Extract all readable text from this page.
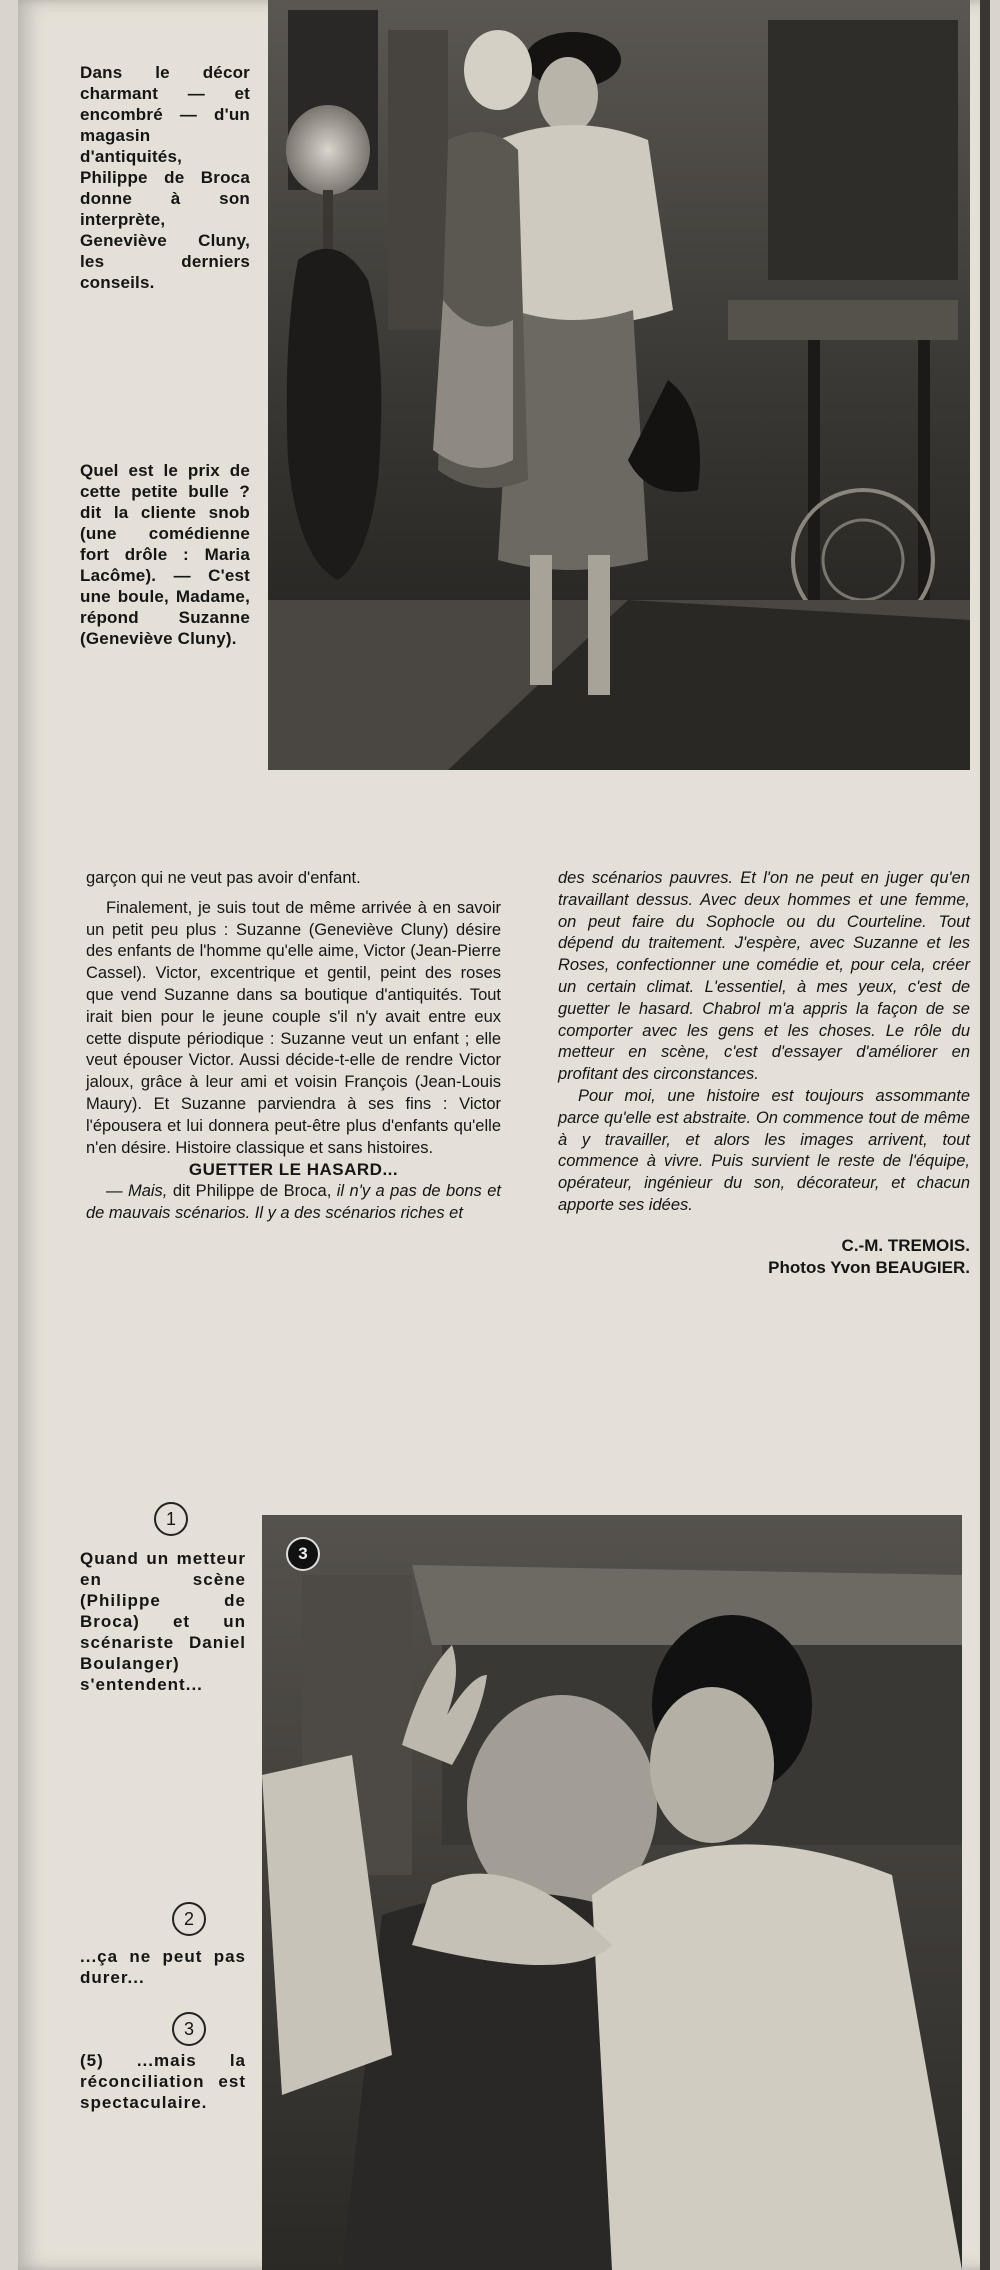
Dans le décor charmant — et encombré — d'un magasin d'antiquités, Philippe de Broca donne à son interprète, Geneviève Cluny, les derniers conseils.

Quel est le prix de cette petite bulle ? dit la cliente snob (une comédienne fort drôle : Maria Lacôme). — C'est une boule, Madame, répond Suzanne (Geneviève Cluny).

garçon qui ne veut pas avoir d'enfant.

Finalement, je suis tout de même arrivée à en savoir un petit peu plus : Suzanne (Geneviève Cluny) désire des enfants de l'homme qu'elle aime, Victor (Jean-Pierre Cassel). Victor, excentrique et gentil, peint des roses que vend Suzanne dans sa boutique d'antiquités. Tout irait bien pour le jeune couple s'il n'y avait entre eux cette dispute périodique : Suzanne veut un enfant ; elle veut épouser Victor. Aussi décide-t-elle de rendre Victor jaloux, grâce à leur ami et voisin François (Jean-Louis Maury). Et Suzanne parviendra à ses fins : Victor l'épousera et lui donnera peut-être plus d'enfants qu'elle n'en désire. Histoire classique et sans histoires.

GUETTER LE HASARD...

— Mais, dit Philippe de Broca, il n'y a pas de bons et de mauvais scénarios. Il y a des scénarios riches et

des scénarios pauvres. Et l'on ne peut en juger qu'en travaillant dessus. Avec deux hommes et une femme, on peut faire du Sophocle ou du Courteline. Tout dépend du traitement. J'espère, avec Suzanne et les Roses, confectionner une comédie et, pour cela, créer un certain climat. L'essentiel, à mes yeux, c'est de guetter le hasard. Chabrol m'a appris la façon de se comporter avec les gens et les choses. Le rôle du metteur en scène, c'est d'essayer d'améliorer en profitant des circonstances.

Pour moi, une histoire est toujours assommante parce qu'elle est abstraite. On commence tout de même à y travailler, et alors les images arrivent, tout commence à vivre. Puis survient le reste de l'équipe, opérateur, ingénieur du son, décorateur, et chacun apporte ses idées.

C.-M. TREMOIS.
Photos Yvon BEAUGIER.
1

Quand un metteur en scène (Philippe de Broca) et un scénariste Daniel Boulanger) s'entendent...

2

...ça ne peut pas durer...

3

(5) ...mais la réconciliation est spectaculaire.

3
